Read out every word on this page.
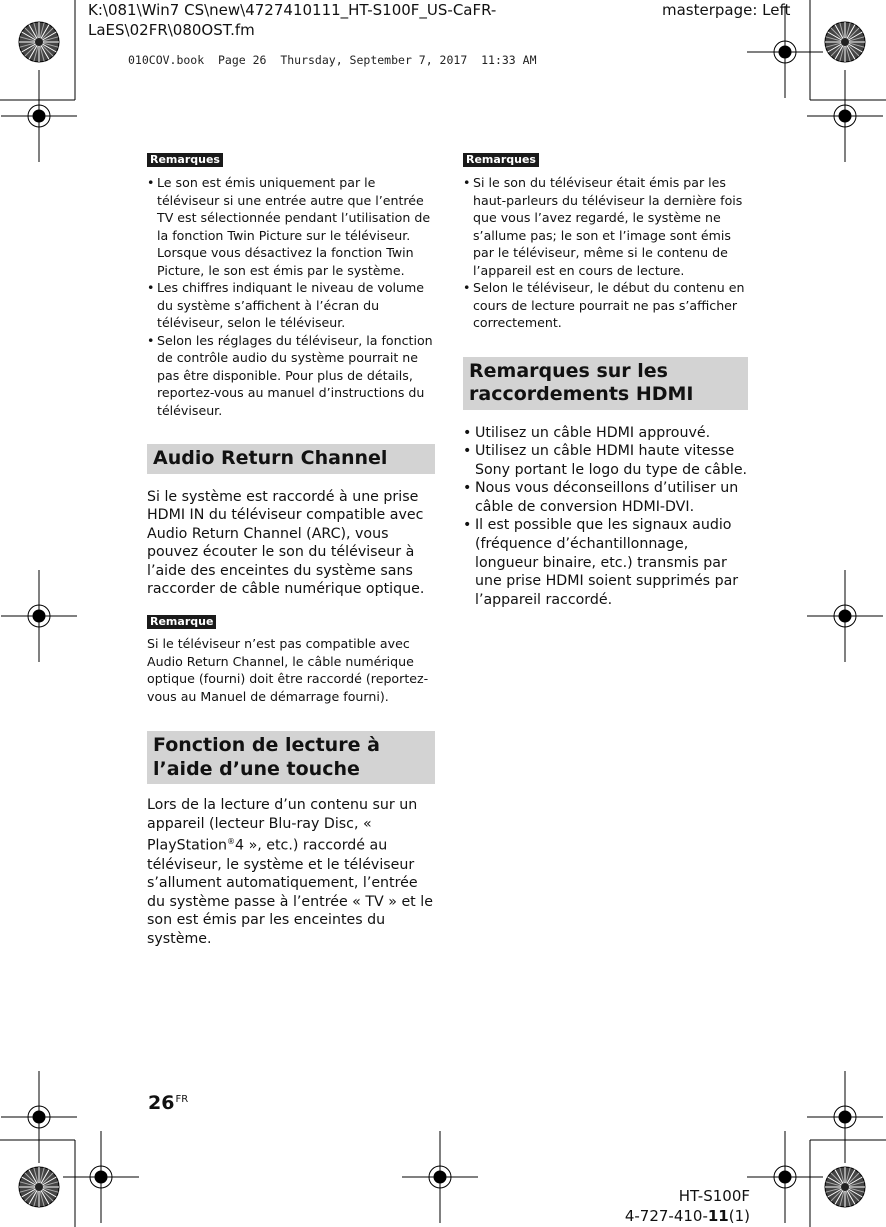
K:\081\Win7 CS\new\4727410111_HT-S100F_US-CaFR-LaES\02FR\080OST.fm
masterpage: Left
010COV.book  Page 26  Thursday, September 7, 2017  11:33 AM
Remarques
• Le son est émis uniquement par le téléviseur si une entrée autre que l’entrée TV est sélectionnée pendant l’utilisation de la fonction Twin Picture sur le téléviseur. Lorsque vous désactivez la fonction Twin Picture, le son est émis par le système.
• Les chiffres indiquant le niveau de volume du système s’affichent à l’écran du téléviseur, selon le téléviseur.
• Selon les réglages du téléviseur, la fonction de contrôle audio du système pourrait ne pas être disponible. Pour plus de détails, reportez-vous au manuel d’instructions du téléviseur.
Audio Return Channel
Si le système est raccordé à une prise HDMI IN du téléviseur compatible avec Audio Return Channel (ARC), vous pouvez écouter le son du téléviseur à l’aide des enceintes du système sans raccorder de câble numérique optique.
Remarque
Si le téléviseur n’est pas compatible avec Audio Return Channel, le câble numérique optique (fourni) doit être raccordé (reportez-vous au Manuel de démarrage fourni).
Fonction de lecture à l’aide d’une touche
Lors de la lecture d’un contenu sur un appareil (lecteur Blu-ray Disc, « PlayStation®4 », etc.) raccordé au téléviseur, le système et le téléviseur s’allument automatiquement, l’entrée du système passe à l’entrée « TV » et le son est émis par les enceintes du système.
Remarques
• Si le son du téléviseur était émis par les haut-parleurs du téléviseur la dernière fois que vous l’avez regardé, le système ne s’allume pas; le son et l’image sont émis par le téléviseur, même si le contenu de l’appareil est en cours de lecture.
• Selon le téléviseur, le début du contenu en cours de lecture pourrait ne pas s’afficher correctement.
Remarques sur les raccordements HDMI
• Utilisez un câble HDMI approuvé.
• Utilisez un câble HDMI haute vitesse Sony portant le logo du type de câble.
• Nous vous déconseillons d’utiliser un câble de conversion HDMI-DVI.
• Il est possible que les signaux audio (fréquence d’échantillonnage, longueur binaire, etc.) transmis par une prise HDMI soient supprimés par l’appareil raccordé.
$26^{FR}$
HT-S100F
4-727-410-11(1)
